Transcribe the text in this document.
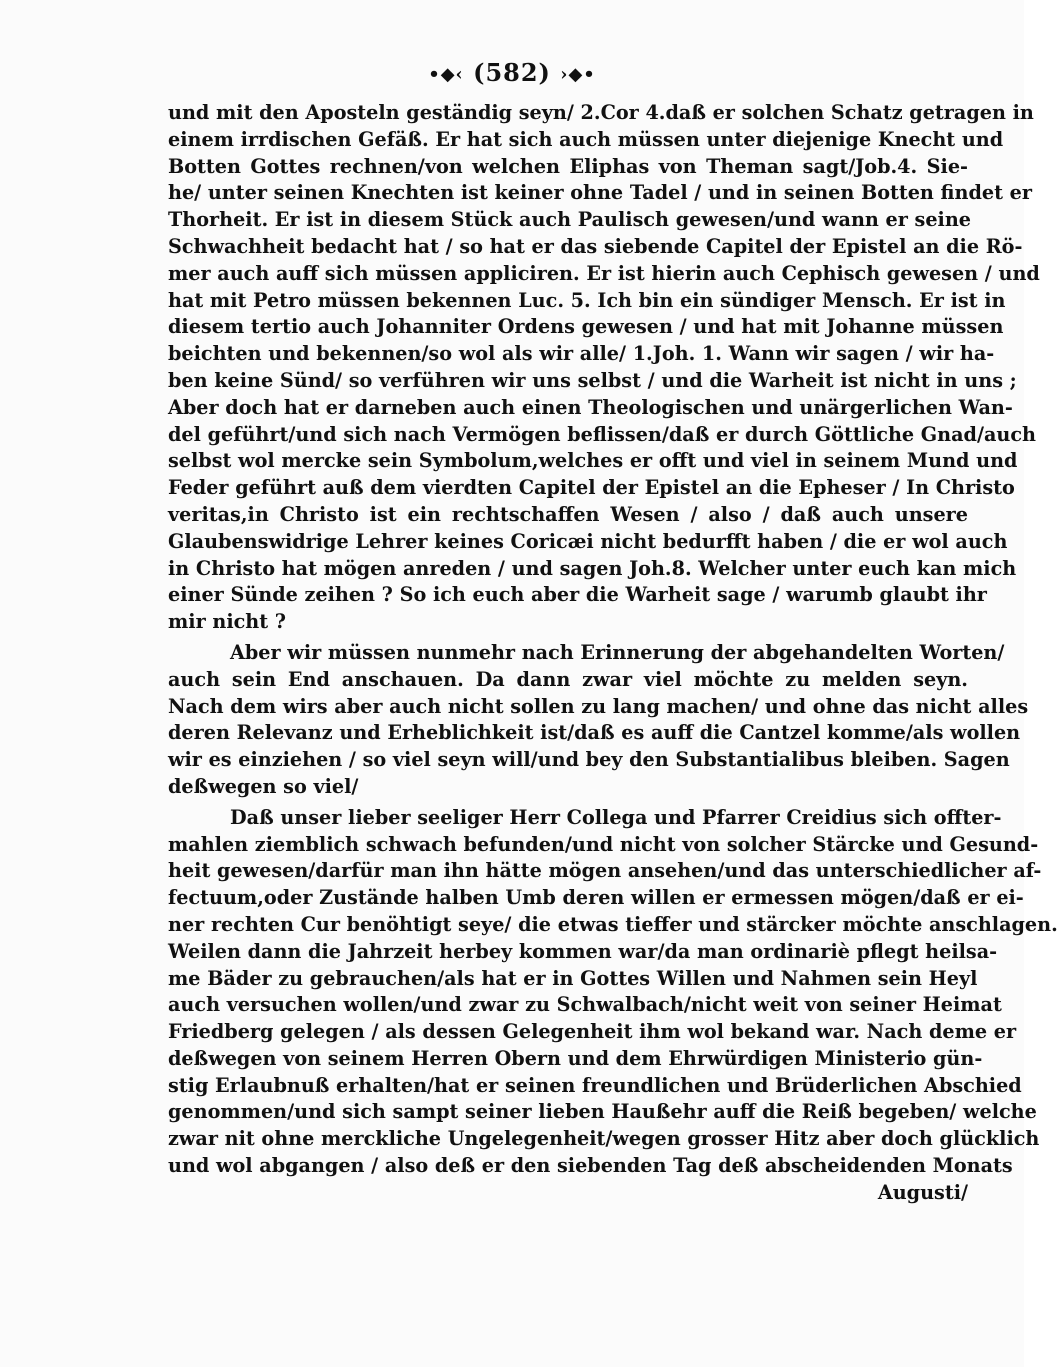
•◆‹ (582) ›◆•
und mit den Aposteln geständig seyn/ 2.Cor 4.daß er solchen Schatz getragen in
einem irrdischen Gefäß. Er hat sich auch müssen unter diejenige Knecht und
Botten Gottes rechnen/von welchen Eliphas von Theman sagt/Job.4. Sie-
he/ unter seinen Knechten ist keiner ohne Tadel / und in seinen Botten findet er
Thorheit. Er ist in diesem Stück auch Paulisch gewesen/und wann er seine
Schwachheit bedacht hat / so hat er das siebende Capitel der Epistel an die Rö-
mer auch auff sich müssen appliciren. Er ist hierin auch Cephisch gewesen / und
hat mit Petro müssen bekennen Luc. 5. Ich bin ein sündiger Mensch. Er ist in
diesem tertio auch Johanniter Ordens gewesen / und hat mit Johanne müssen
beichten und bekennen/so wol als wir alle/ 1.Joh. 1. Wann wir sagen / wir ha-
ben keine Sünd/ so verführen wir uns selbst / und die Warheit ist nicht in uns ;
Aber doch hat er darneben auch einen Theologischen und unärgerlichen Wan-
del geführt/und sich nach Vermögen beflissen/daß er durch Göttliche Gnad/auch
selbst wol mercke sein Symbolum,welches er offt und viel in seinem Mund und
Feder geführt auß dem vierdten Capitel der Epistel an die Epheser / In Christo
veritas,in Christo ist ein rechtschaffen Wesen / also / daß auch unsere
Glaubenswidrige Lehrer keines Coricæi nicht bedurfft haben / die er wol auch
in Christo hat mögen anreden / und sagen Joh.8. Welcher unter euch kan mich
einer Sünde zeihen ? So ich euch aber die Warheit sage / warumb glaubt ihr
mir nicht ?
Aber wir müssen nunmehr nach Erinnerung der abgehandelten Worten/
auch sein End anschauen. Da dann zwar viel möchte zu melden seyn.
Nach dem wirs aber auch nicht sollen zu lang machen/ und ohne das nicht alles
deren Relevanz und Erheblichkeit ist/daß es auff die Cantzel komme/als wollen
wir es einziehen / so viel seyn will/und bey den Substantialibus bleiben. Sagen
deßwegen so viel/
Daß unser lieber seeliger Herr Collega und Pfarrer Creidius sich offter-
mahlen ziemblich schwach befunden/und nicht von solcher Stärcke und Gesund-
heit gewesen/darfür man ihn hätte mögen ansehen/und das unterschiedlicher af-
fectuum,oder Zustände halben Umb deren willen er ermessen mögen/daß er ei-
ner rechten Cur benöhtigt seye/ die etwas tieffer und stärcker möchte anschlagen.
Weilen dann die Jahrzeit herbey kommen war/da man ordinariè pflegt heilsa-
me Bäder zu gebrauchen/als hat er in Gottes Willen und Nahmen sein Heyl
auch versuchen wollen/und zwar zu Schwalbach/nicht weit von seiner Heimat
Friedberg gelegen / als dessen Gelegenheit ihm wol bekand war. Nach deme er
deßwegen von seinem Herren Obern und dem Ehrwürdigen Ministerio gün-
stig Erlaubnuß erhalten/hat er seinen freundlichen und Brüderlichen Abschied
genommen/und sich sampt seiner lieben Haußehr auff die Reiß begeben/ welche
zwar nit ohne merckliche Ungelegenheit/wegen grosser Hitz aber doch glücklich
und wol abgangen / also deß er den siebenden Tag deß abscheidenden Monats
Augusti/
